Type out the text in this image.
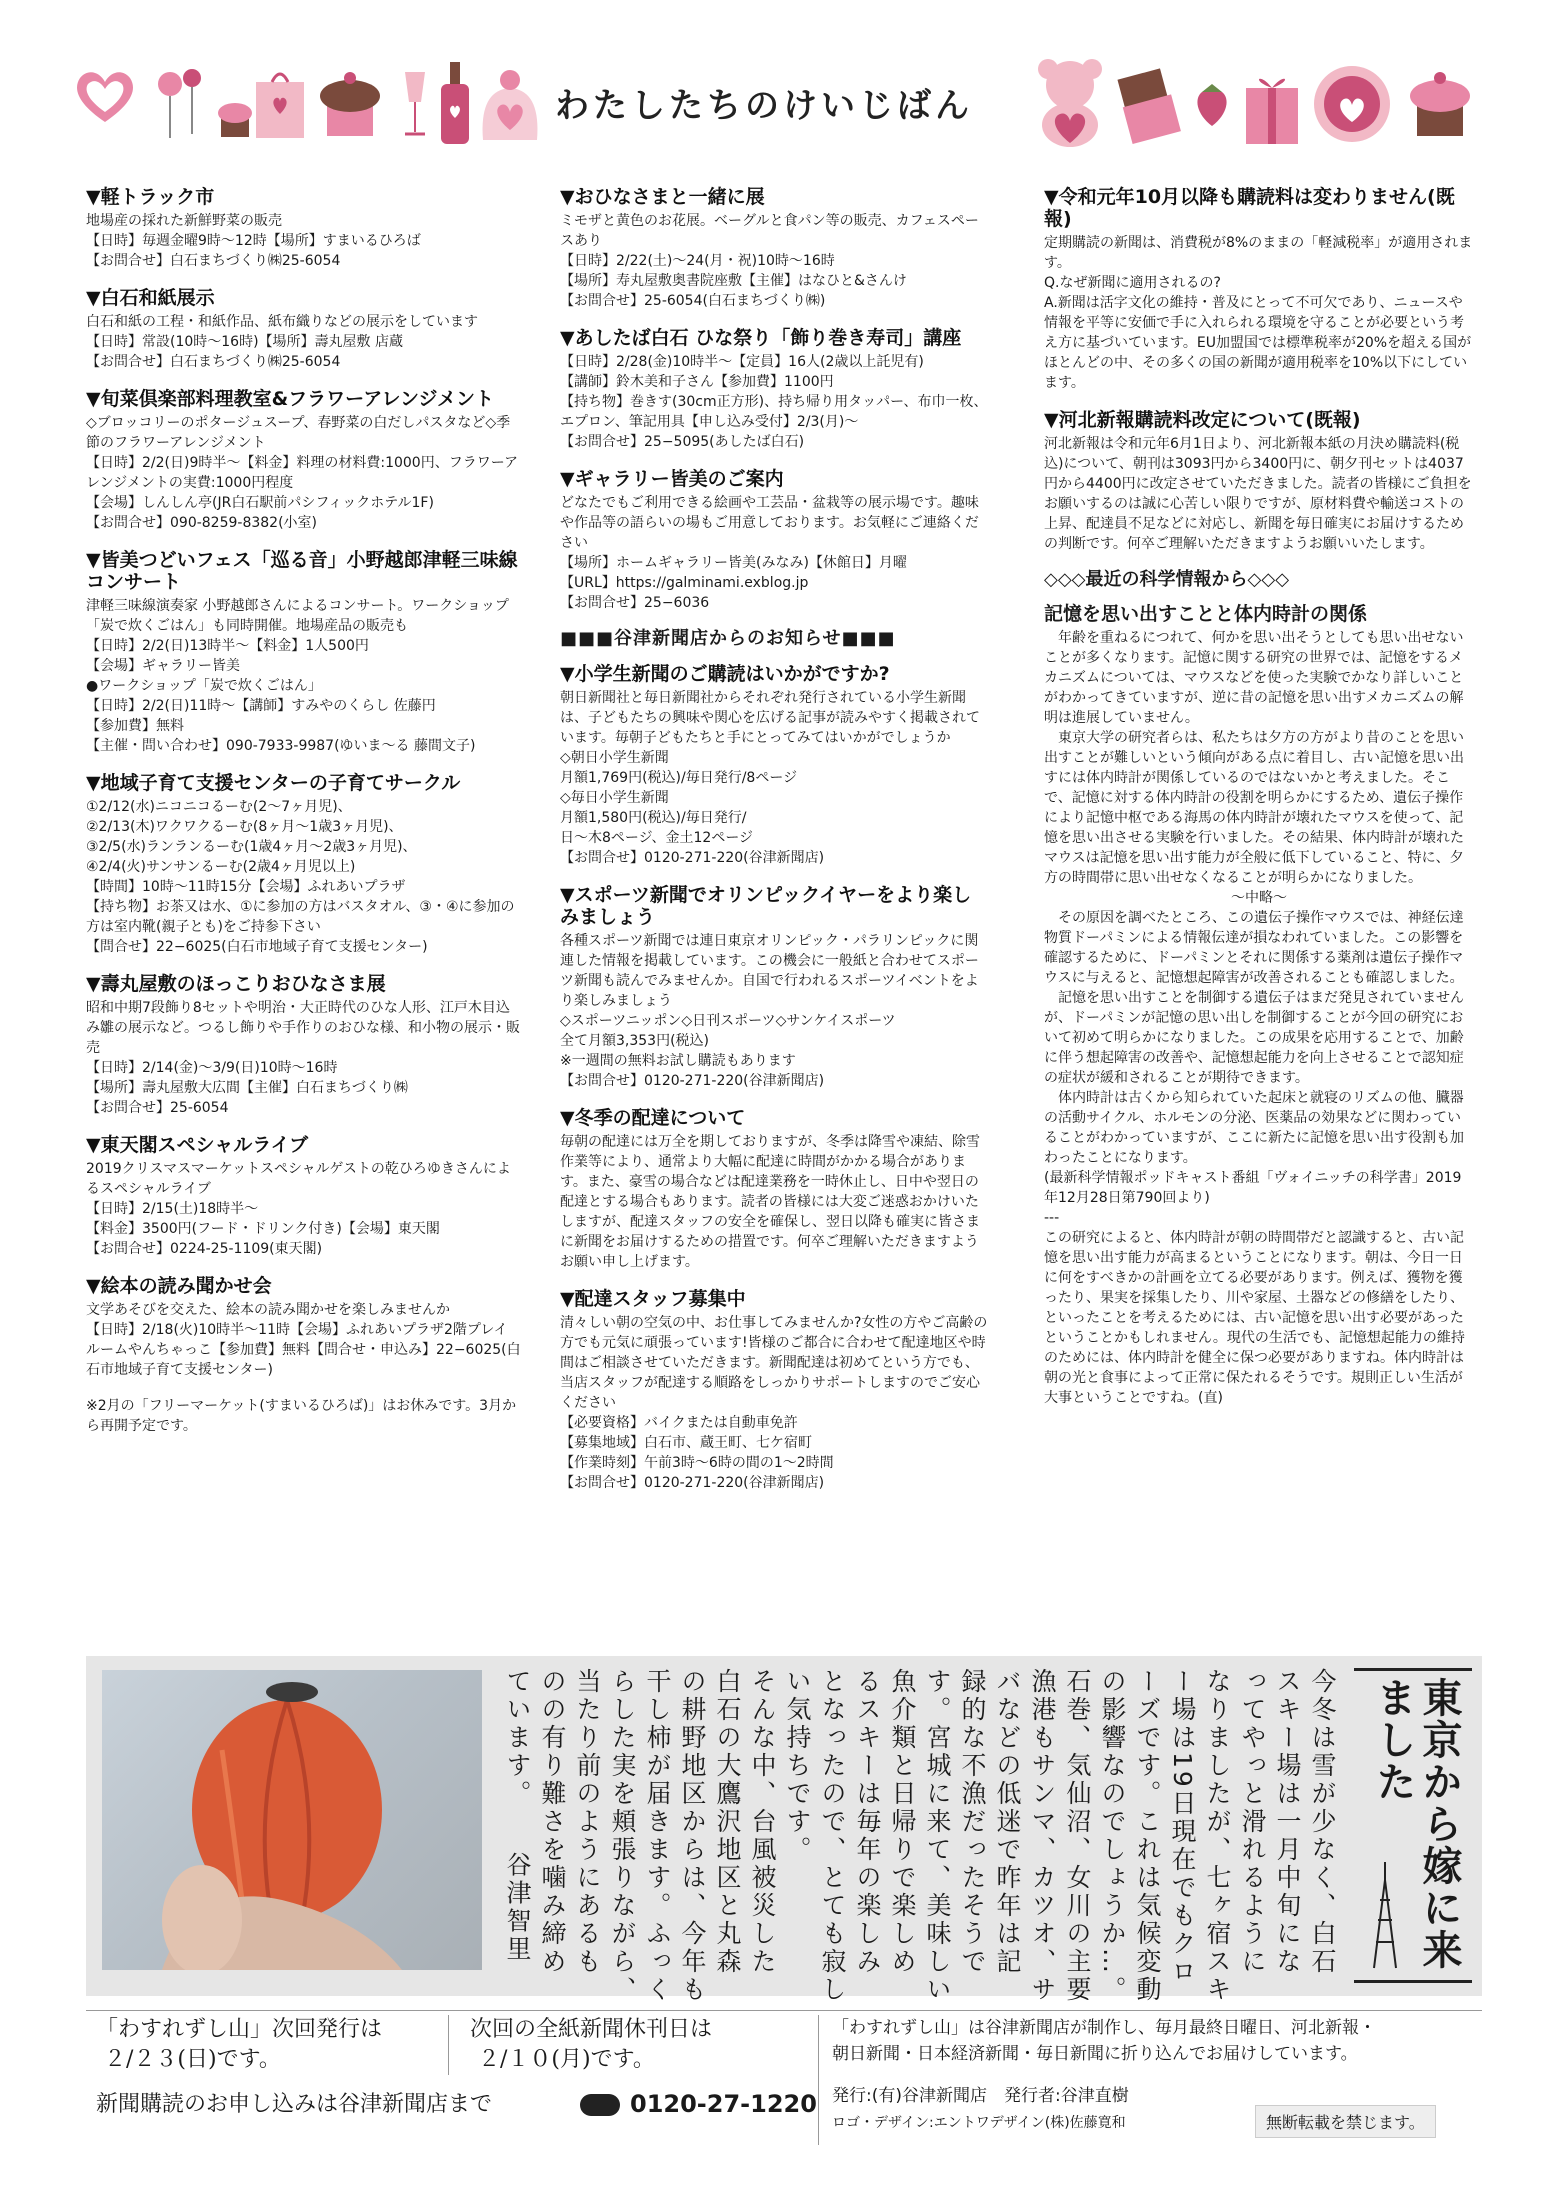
わたしたちのけいじばん
▼軽トラック市
地場産の採れた新鮮野菜の販売
【日時】毎週金曜9時〜12時【場所】すまいるひろば
【お問合せ】白石まちづくり㈱25-6054
▼白石和紙展示
白石和紙の工程・和紙作品、紙布織りなどの展示をしています
【日時】常設(10時〜16時)【場所】壽丸屋敷 店蔵
【お問合せ】白石まちづくり㈱25-6054
▼旬菜倶楽部料理教室&フラワーアレンジメント
◇ブロッコリーのポタージュスープ、春野菜の白だしパスタなど◇季節のフラワーアレンジメント
【日時】2/2(日)9時半〜【料金】料理の材料費:1000円、フラワーアレンジメントの実費:1000円程度
【会場】しんしん亭(JR白石駅前パシフィックホテル1F)
【お問合せ】090-8259-8382(小室)
▼皆美つどいフェス「巡る音」小野越郎津軽三味線コンサート
津軽三味線演奏家 小野越郎さんによるコンサート。ワークショップ「炭で炊くごはん」も同時開催。地場産品の販売も
【日時】2/2(日)13時半〜【料金】1人500円
【会場】ギャラリー皆美
●ワークショップ「炭で炊くごはん」
【日時】2/2(日)11時〜【講師】すみやのくらし 佐藤円
【参加費】無料
【主催・問い合わせ】090-7933-9987(ゆいま〜る 藤間文子)
▼地域子育て支援センターの子育てサークル
①2/12(水)ニコニコるーむ(2〜7ヶ月児)、
②2/13(木)ワクワクるーむ(8ヶ月〜1歳3ヶ月児)、
③2/5(水)ランランるーむ(1歳4ヶ月〜2歳3ヶ月児)、
④2/4(火)サンサンるーむ(2歳4ヶ月児以上)
【時間】10時〜11時15分【会場】ふれあいプラザ
【持ち物】お茶又は水、①に参加の方はバスタオル、③・④に参加の方は室内靴(親子とも)をご持参下さい
【問合せ】22−6025(白石市地域子育て支援センター)
▼壽丸屋敷のほっこりおひなさま展
昭和中期7段飾り8セットや明治・大正時代のひな人形、江戸木目込み雛の展示など。つるし飾りや手作りのおひな様、和小物の展示・販売
【日時】2/14(金)〜3/9(日)10時〜16時
【場所】壽丸屋敷大広間【主催】白石まちづくり㈱
【お問合せ】25-6054
▼東天閣スペシャルライブ
2019クリスマスマーケットスペシャルゲストの乾ひろゆきさんによるスペシャルライブ
【日時】2/15(土)18時半〜
【料金】3500円(フード・ドリンク付き)【会場】東天閣
【お問合せ】0224-25-1109(東天閣)
▼絵本の読み聞かせ会
文学あそびを交えた、絵本の読み聞かせを楽しみませんか
【日時】2/18(火)10時半〜11時【会場】ふれあいプラザ2階プレイルームやんちゃっこ【参加費】無料【問合せ・申込み】22−6025(白石市地域子育て支援センター)
※2月の「フリーマーケット(すまいるひろば)」はお休みです。3月から再開予定です。
▼おひなさまと一緒に展
ミモザと黄色のお花展。ベーグルと食パン等の販売、カフェスペースあり
【日時】2/22(土)〜24(月・祝)10時〜16時
【場所】寿丸屋敷奥書院座敷【主催】はなひと&さんけ
【お問合せ】25-6054(白石まちづくり㈱)
▼あしたば白石 ひな祭り「飾り巻き寿司」講座
【日時】2/28(金)10時半〜【定員】16人(2歳以上託児有)
【講師】鈴木美和子さん【参加費】1100円
【持ち物】巻きす(30cm正方形)、持ち帰り用タッパー、布巾一枚、エプロン、筆記用具【申し込み受付】2/3(月)〜
【お問合せ】25−5095(あしたば白石)
▼ギャラリー皆美のご案内
どなたでもご利用できる絵画や工芸品・盆栽等の展示場です。趣味や作品等の語らいの場もご用意しております。お気軽にご連絡ください
【場所】ホームギャラリー皆美(みなみ)【休館日】月曜
【URL】https://galminami.exblog.jp
【お問合せ】25−6036
■■■谷津新聞店からのお知らせ■■■
▼小学生新聞のご購読はいかがですか?
朝日新聞社と毎日新聞社からそれぞれ発行されている小学生新聞は、子どもたちの興味や関心を広げる記事が読みやすく掲載されています。毎朝子どもたちと手にとってみてはいかがでしょうか
◇朝日小学生新聞
月額1,769円(税込)/毎日発行/8ページ
◇毎日小学生新聞
月額1,580円(税込)/毎日発行/
日〜木8ページ、金土12ページ
【お問合せ】0120-271-220(谷津新聞店)
▼スポーツ新聞でオリンピックイヤーをより楽しみましょう
各種スポーツ新聞では連日東京オリンピック・パラリンピックに関連した情報を掲載しています。この機会に一般紙と合わせてスポーツ新聞も読んでみませんか。自国で行われるスポーツイベントをより楽しみましょう
◇スポーツニッポン◇日刊スポーツ◇サンケイスポーツ
全て月額3,353円(税込)
※一週間の無料お試し購読もあります
【お問合せ】0120-271-220(谷津新聞店)
▼冬季の配達について
毎朝の配達には万全を期しておりますが、冬季は降雪や凍結、除雪作業等により、通常より大幅に配達に時間がかかる場合があります。また、豪雪の場合などは配達業務を一時休止し、日中や翌日の配達とする場合もあります。読者の皆様には大変ご迷惑おかけいたしますが、配達スタッフの安全を確保し、翌日以降も確実に皆さまに新聞をお届けするための措置です。何卒ご理解いただきますようお願い申し上げます。
▼配達スタッフ募集中
清々しい朝の空気の中、お仕事してみませんか?女性の方やご高齢の方でも元気に頑張っています!皆様のご都合に合わせて配達地区や時間はご相談させていただきます。新聞配達は初めてという方でも、当店スタッフが配達する順路をしっかりサポートしますのでご安心ください
【必要資格】バイクまたは自動車免許
【募集地域】白石市、蔵王町、七ケ宿町
【作業時刻】午前3時〜6時の間の1〜2時間
【お問合せ】0120-271-220(谷津新聞店)
▼令和元年10月以降も購読料は変わりません(既報)
定期購読の新聞は、消費税が8%のままの「軽減税率」が適用されます。
Q.なぜ新聞に適用されるの?
A.新聞は活字文化の維持・普及にとって不可欠であり、ニュースや情報を平等に安価で手に入れられる環境を守ることが必要という考え方に基づいています。EU加盟国では標準税率が20%を超える国がほとんどの中、その多くの国の新聞が適用税率を10%以下にしています。
▼河北新報購読料改定について(既報)
河北新報は令和元年6月1日より、河北新報本紙の月決め購読料(税込)について、朝刊は3093円から3400円に、朝夕刊セットは4037円から4400円に改定させていただきました。読者の皆様にご負担をお願いするのは誠に心苦しい限りですが、原材料費や輸送コストの上昇、配達員不足などに対応し、新聞を毎日確実にお届けするための判断です。何卒ご理解いただきますようお願いいたします。
◇◇◇最近の科学情報から◇◇◇
記憶を思い出すことと体内時計の関係
　年齢を重ねるにつれて、何かを思い出そうとしても思い出せないことが多くなります。記憶に関する研究の世界では、記憶をするメカニズムについては、マウスなどを使った実験でかなり詳しいことがわかってきていますが、逆に昔の記憶を思い出すメカニズムの解明は進展していません。
　東京大学の研究者らは、私たちは夕方の方がより昔のことを思い出すことが難しいという傾向がある点に着目し、古い記憶を思い出すには体内時計が関係しているのではないかと考えました。そこで、記憶に対する体内時計の役割を明らかにするため、遺伝子操作により記憶中枢である海馬の体内時計が壊れたマウスを使って、記憶を思い出させる実験を行いました。その結果、体内時計が壊れたマウスは記憶を思い出す能力が全般に低下していること、特に、夕方の時間帯に思い出せなくなることが明らかになりました。
〜中略〜
　その原因を調べたところ、この遺伝子操作マウスでは、神経伝達物質ドーパミンによる情報伝達が損なわれていました。この影響を確認するために、ドーパミンとそれに関係する薬剤は遺伝子操作マウスに与えると、記憶想起障害が改善されることも確認しました。
　記憶を思い出すことを制御する遺伝子はまだ発見されていませんが、ドーパミンが記憶の思い出しを制御することが今回の研究において初めて明らかになりました。この成果を応用することで、加齢に伴う想起障害の改善や、記憶想起能力を向上させることで認知症の症状が緩和されることが期待できます。
　体内時計は古くから知られていた起床と就寝のリズムの他、臓器の活動サイクル、ホルモンの分泌、医薬品の効果などに関わっていることがわかっていますが、ここに新たに記憶を思い出す役割も加わったことになります。
(最新科学情報ポッドキャスト番組「ヴォイニッチの科学書」2019年12月28日第790回より)
---
この研究によると、体内時計が朝の時間帯だと認識すると、古い記憶を思い出す能力が高まるということになります。朝は、今日一日に何をすべきかの計画を立てる必要があります。例えば、獲物を獲ったり、果実を採集したり、川や家屋、土器などの修繕をしたり、といったことを考えるためには、古い記憶を思い出す必要があったということかもしれません。現代の生活でも、記憶想起能力の維持のためには、体内時計を健全に保つ必要がありますね。体内時計は朝の光と食事によって正常に保たれるそうです。規則正しい生活が大事ということですね。(直)
今冬は雪が少なく、白石
スキー場は一月中旬にな
ってやっと滑れるように
なりましたが、七ヶ宿スキ
ー場は19日現在でもクロ
ーズです。これは気候変動
の影響なのでしょうか…。
石巻、気仙沼、女川の主要
漁港もサンマ、カツオ、サ
バなどの低迷で昨年は記
録的な不漁だったそうで
す。宮城に来て、美味しい
魚介類と日帰りで楽しめ
るスキーは毎年の楽しみ
となったので、とても寂し
い気持ちです。
そんな中、台風被災した
白石の大鷹沢地区と丸森
の耕野地区からは、今年も
干し柿が届きます。ふっく
らした実を頬張りながら、
当たり前のようにあるも
のの有り難さを噛み締め
ています。　　谷津智里	東京から嫁に来ました
「わすれずし山」次回発行は
２/２３(日)です。
次回の全紙新聞休刊日は
２/１０(月)です。
新聞購読のお申し込みは谷津新聞店まで	0120-27-1220
「わすれずし山」は谷津新聞店が制作し、毎月最終日曜日、河北新報・
朝日新聞・日本経済新聞・毎日新聞に折り込んでお届けしています。
発行:(有)谷津新聞店　発行者:谷津直樹
ロゴ・デザイン:エントワデザイン(株)佐藤寛和	無断転載を禁じます。
